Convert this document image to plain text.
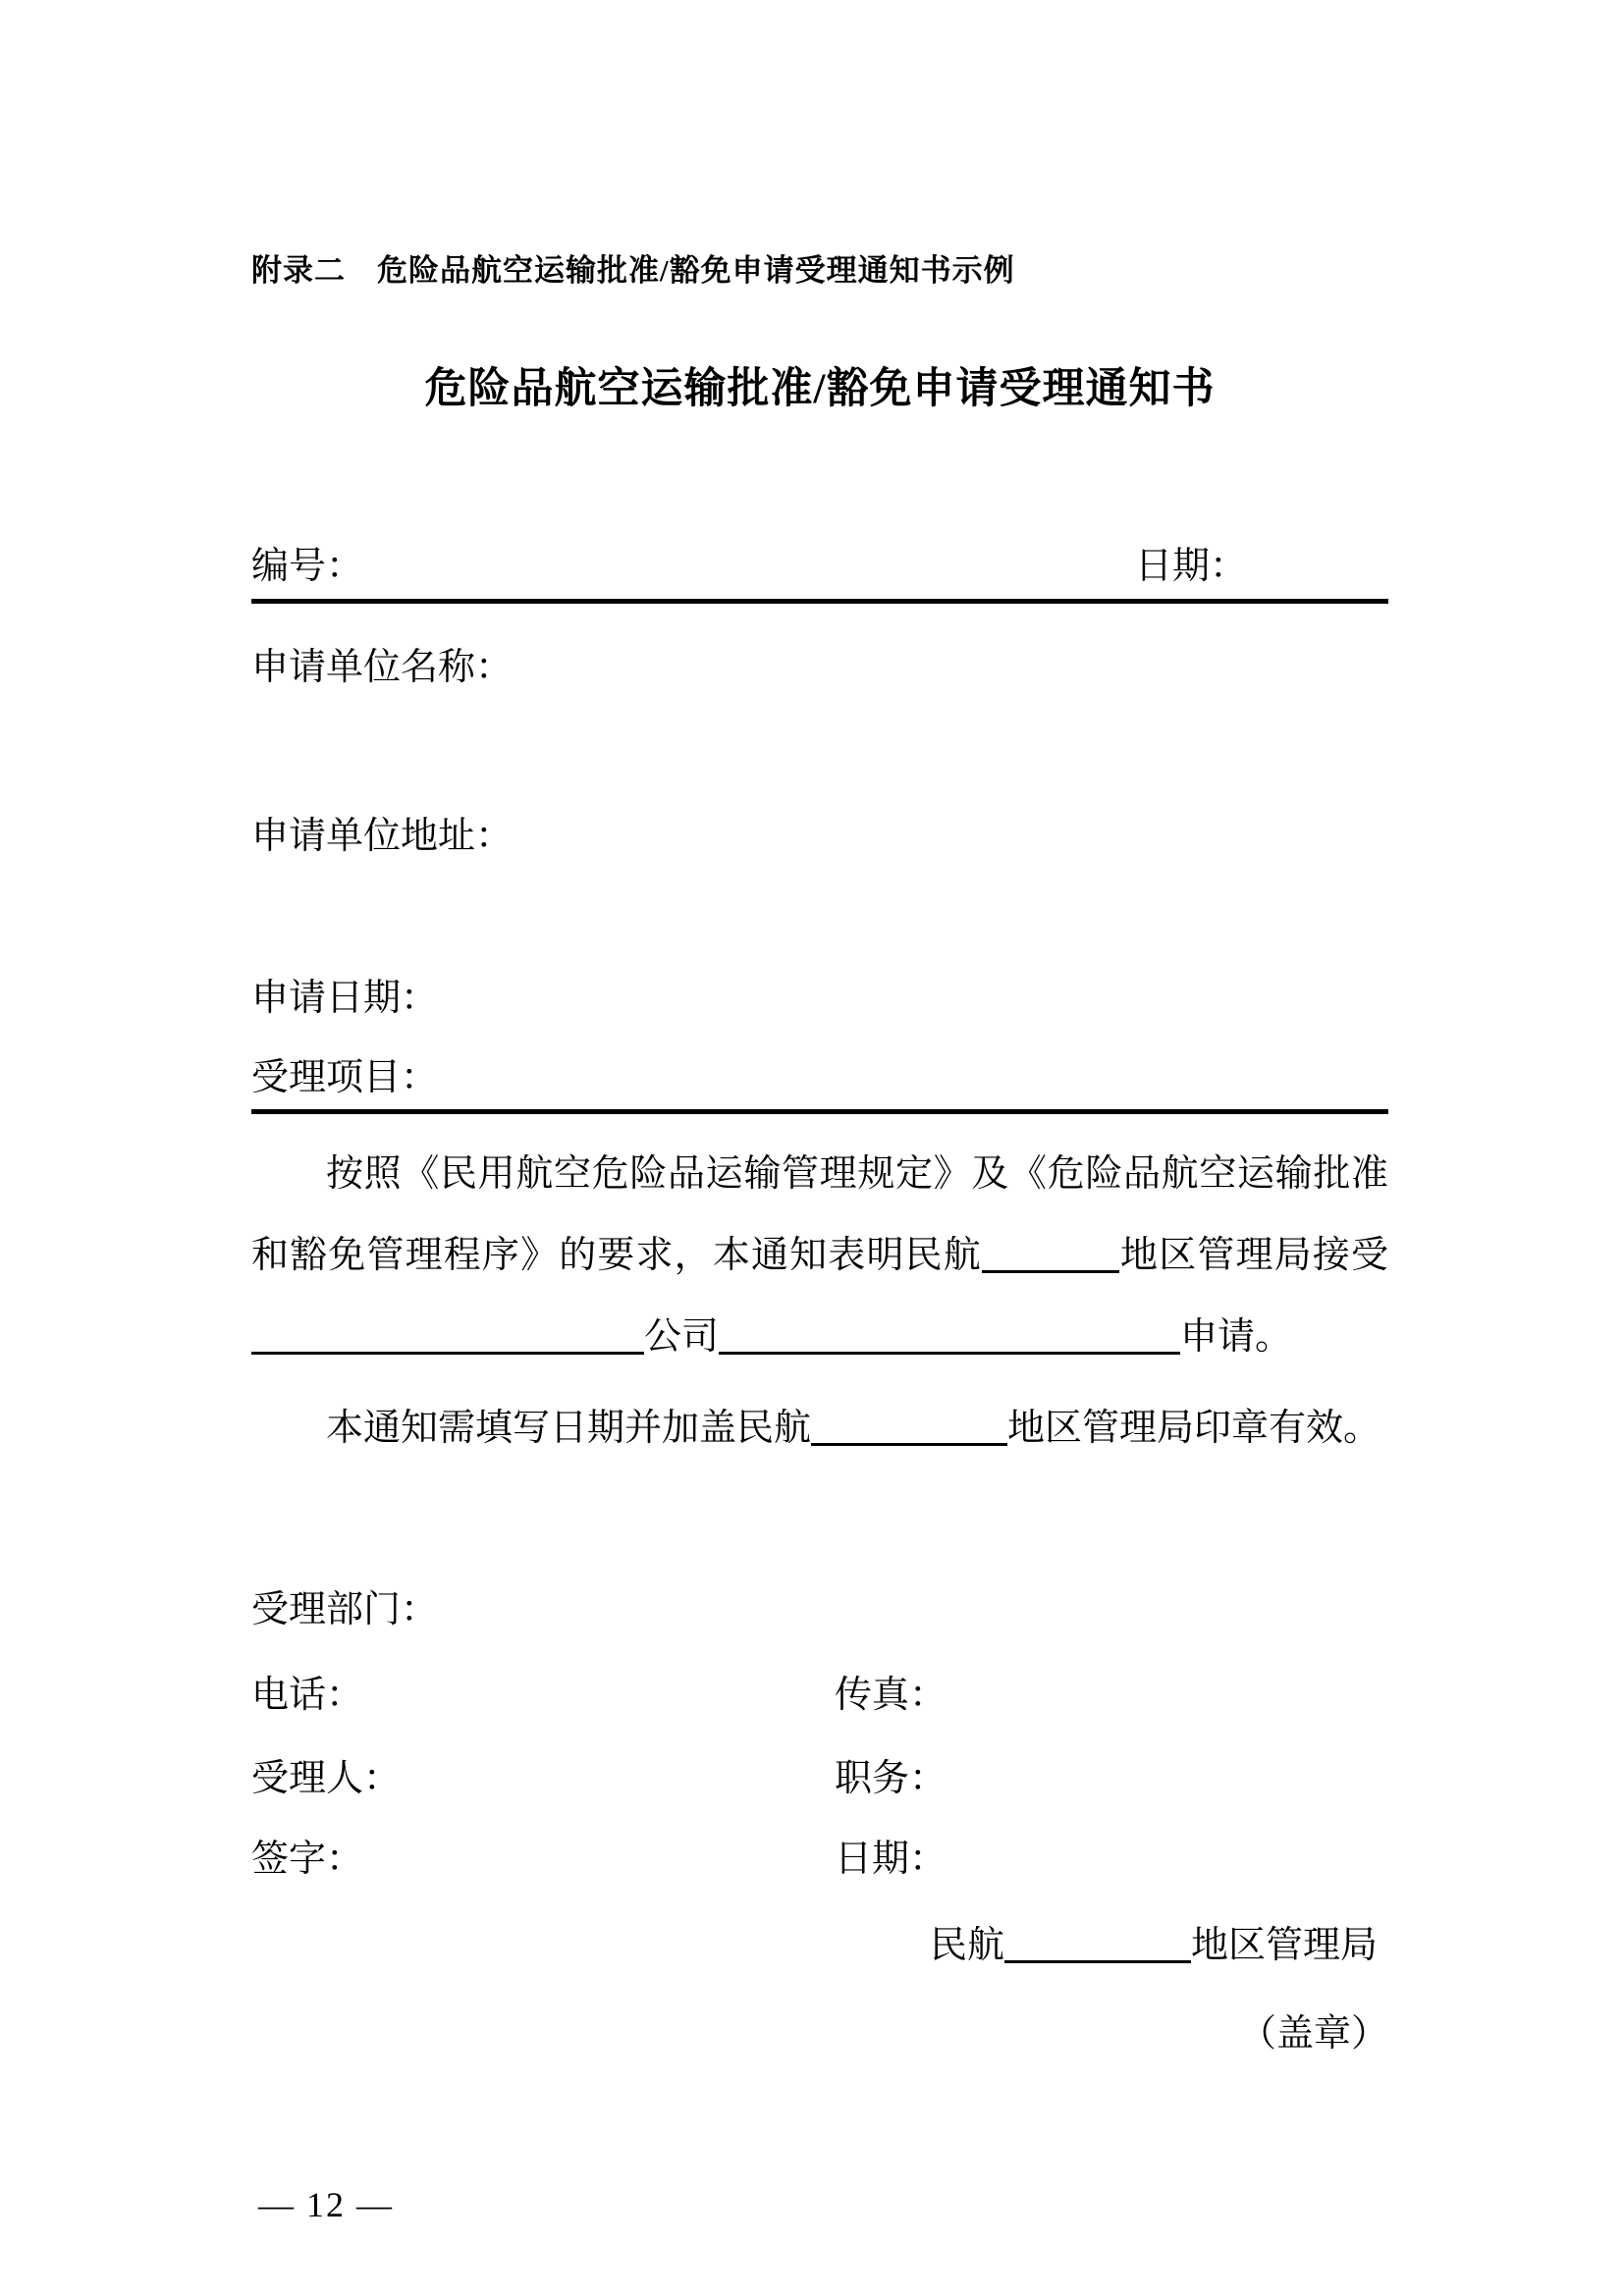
附录二　危险品航空运输批准/豁免申请受理通知书示例
危险品航空运输批准/豁免申请受理通知书
编号：	日期：
申请单位名称：
申请单位地址：
申请日期：
受理项目：

按照《民用航空危险品运输管理规定》及《危险品航空运输批准和豁免管理程序》的要求，本通知表明民航	地区管理局接受公司	申请。

本通知需填写日期并加盖民航	地区管理局印章有效。

受理部门：
电话：	传真：
受理人：	职务：
签字：	日期：
民航	地区管理局
（盖章）
— 12 —
